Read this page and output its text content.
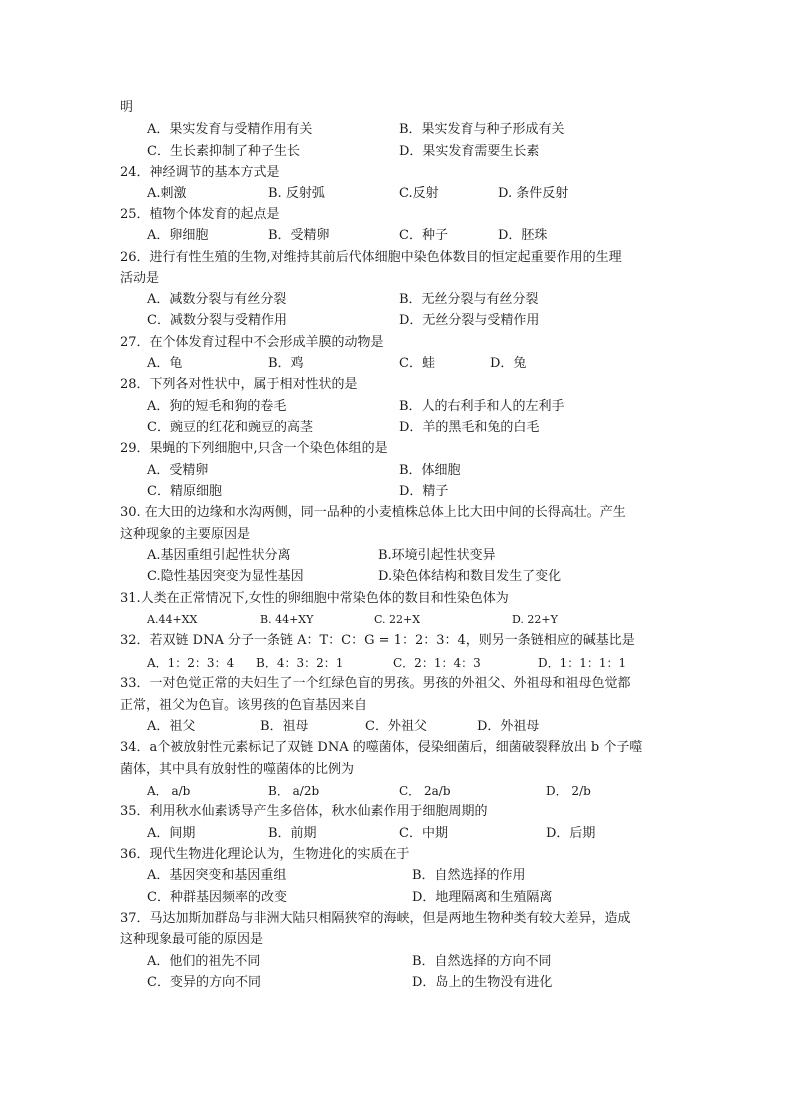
明
A．果实发育与受精作用有关	B．果实发育与种子形成有关
C．生长素抑制了种子生长	D．果实发育需要生长素
24．神经调节的基本方式是
A.刺激	B. 反射弧	C.反射	D. 条件反射
25．植物个体发育的起点是
A．卵细胞	B．受精卵	C．种子	D．胚珠
26．进行有性生殖的生物,对维持其前后代体细胞中染色体数目的恒定起重要作用的生理
活动是
A．减数分裂与有丝分裂	B．无丝分裂与有丝分裂
C．减数分裂与受精作用	D．无丝分裂与受精作用
27．在个体发育过程中不会形成羊膜的动物是
A．龟	B．鸡	C．蛙	D．兔
28．下列各对性状中，属于相对性状的是
A．狗的短毛和狗的卷毛	B．人的右利手和人的左利手
C．豌豆的红花和豌豆的高茎	D．羊的黑毛和兔的白毛
29．果蝇的下列细胞中,只含一个染色体组的是
A．受精卵	B．体细胞
C．精原细胞	D．精子
30. 在大田的边缘和水沟两侧，同一品种的小麦植株总体上比大田中间的长得高壮。产生
这种现象的主要原因是
A.基因重组引起性状分离	B.环境引起性状变异
C.隐性基因突变为显性基因	D.染色体结构和数目发生了变化
31.人类在正常情况下,女性的卵细胞中常染色体的数目和性染色体为
A.44+XX	B. 44+XY	C. 22+X	D. 22+Y
32．若双链 DNA 分子一条链 A：T：C：G = 1：2：3：4，则另一条链相应的碱基比是
A．1：2：3：4 B．4：3：2：1	C．2：1：4：3	D．1：1：1：1
33．一对色觉正常的夫妇生了一个红绿色盲的男孩。男孩的外祖父、外祖母和祖母色觉都
正常，祖父为色盲。该男孩的色盲基因来自
A．祖父	B．祖母	C．外祖父	D．外祖母
34．a个被放射性元素标记了双链 DNA 的噬菌体，侵染细菌后，细菌破裂释放出 b 个子噬
菌体，其中具有放射性的噬菌体的比例为
A． a/b	B． a/2b	C． 2a/b	D． 2/b
35．利用秋水仙素诱导产生多倍体，秋水仙素作用于细胞周期的
A．间期	B．前期	C．中期	D．后期
36．现代生物进化理论认为，生物进化的实质在于
A．基因突变和基因重组	B．自然选择的作用
C．种群基因频率的改变	D．地理隔离和生殖隔离
37．马达加斯加群岛与非洲大陆只相隔狭窄的海峡，但是两地生物种类有较大差异，造成
这种现象最可能的原因是
A．他们的祖先不同	B．自然选择的方向不同
C．变异的方向不同	D．岛上的生物没有进化
